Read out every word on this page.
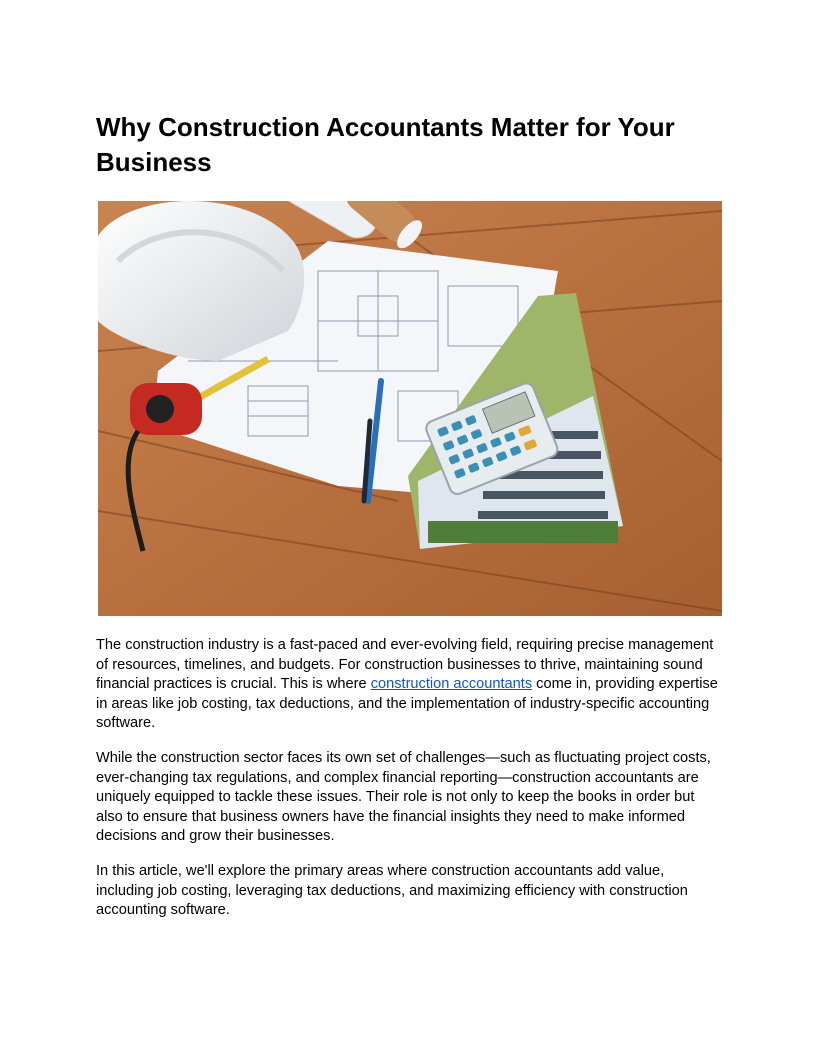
Why Construction Accountants Matter for Your Business

The construction industry is a fast-paced and ever-evolving field, requiring precise management of resources, timelines, and budgets. For construction businesses to thrive, maintaining sound financial practices is crucial. This is where construction accountants come in, providing expertise in areas like job costing, tax deductions, and the implementation of industry-specific accounting software.

While the construction sector faces its own set of challenges—such as fluctuating project costs, ever-changing tax regulations, and complex financial reporting—construction accountants are uniquely equipped to tackle these issues. Their role is not only to keep the books in order but also to ensure that business owners have the financial insights they need to make informed decisions and grow their businesses.

In this article, we'll explore the primary areas where construction accountants add value, including job costing, leveraging tax deductions, and maximizing efficiency with construction accounting software.
